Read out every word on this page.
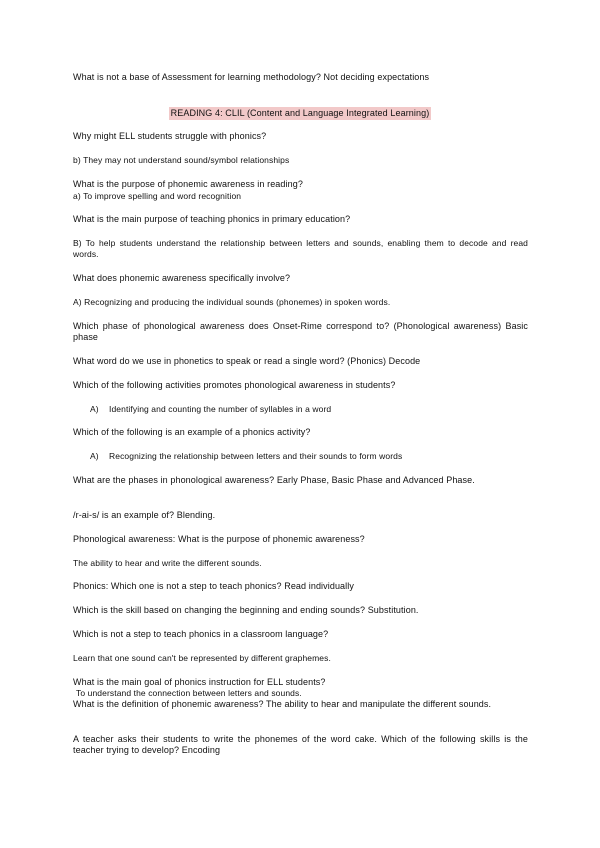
What is not a base of Assessment for learning methodology? Not deciding expectations
READING 4: CLIL (Content and Language Integrated Learning)
Why might ELL students struggle with phonics?
b) They may not understand sound/symbol relationships
What is the purpose of phonemic awareness in reading?
a) To improve spelling and word recognition
What is the main purpose of teaching phonics in primary education?
B) To help students understand the relationship between letters and sounds, enabling them to decode and read words.
What does phonemic awareness specifically involve?
A) Recognizing and producing the individual sounds (phonemes) in spoken words.
Which phase of phonological awareness does Onset-Rime correspond to? (Phonological awareness) Basic phase
What word do we use in phonetics to speak or read a single word? (Phonics) Decode
Which of the following activities promotes phonological awareness in students?
A) Identifying and counting the number of syllables in a word
Which of the following is an example of a phonics activity?
A) Recognizing the relationship between letters and their sounds to form words
What are the phases in phonological awareness? Early Phase, Basic Phase and Advanced Phase.
/r-ai-s/ is an example of? Blending.
Phonological awareness: What is the purpose of phonemic awareness?
The ability to hear and write the different sounds.
Phonics: Which one is not a step to teach phonics? Read individually
Which is the skill based on changing the beginning and ending sounds? Substitution.
Which is not a step to teach phonics in a classroom language?
Learn that one sound can't be represented by different graphemes.
What is the main goal of phonics instruction for ELL students?
To understand the connection between letters and sounds.
What is the definition of phonemic awareness? The ability to hear and manipulate the different sounds.
A teacher asks their students to write the phonemes of the word cake. Which of the following skills is the teacher trying to develop? Encoding
